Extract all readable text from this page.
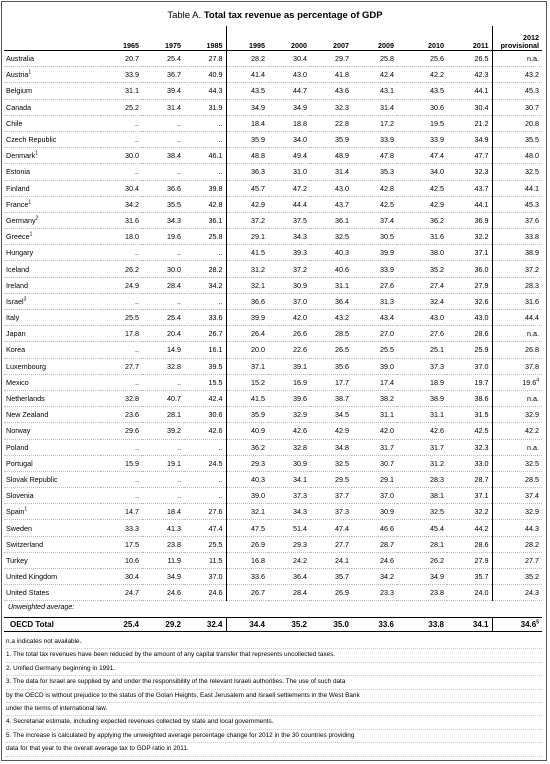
Table A. Total tax revenue as percentage of GDP
	1965	1975	1985	1995	2000	2007	2009	2010	2011	2012
provisional
Australia	20.7	25.4	27.8	28.2	30.4	29.7	25.8	25.6	26.5	n.a.
Austria$^1$	33.9	36.7	40.9	41.4	43.0	41.8	42.4	42.2	42.3	43.2
Belgium	31.1	39.4	44.3	43.5	44.7	43.6	43.1	43.5	44.1	45.3
Canada	25.2	31.4	31.9	34.9	34.9	32.3	31.4	30.6	30.4	30.7
Chile	..	..	..	18.4	18.8	22.8	17.2	19.5	21.2	20.8
Czech Republic	..	..	..	35.9	34.0	35.9	33.9	33.9	34.9	35.5
Denmark$^1$	30.0	38.4	46.1	48.8	49.4	48.9	47.8	47.4	47.7	48.0
Estonia	..	..	..	36.3	31.0	31.4	35.3	34.0	32.3	32.5
Finland	30.4	36.6	39.8	45.7	47.2	43.0	42.8	42.5	43.7	44.1
France$^1$	34.2	35.5	42.8	42.9	44.4	43.7	42.5	42.9	44.1	45.3
Germany$^2$	31.6	34.3	36.1	37.2	37.5	36.1	37.4	36.2	36.9	37.6
Greece$^1$	18.0	19.6	25.8	29.1	34.3	32.5	30.5	31.6	32.2	33.8
Hungary	..	..	..	41.5	39.3	40.3	39.9	38.0	37.1	38.9
Iceland	26.2	30.0	28.2	31.2	37.2	40.6	33.9	35.2	36.0	37.2
Ireland	24.9	28.4	34.2	32.1	30.9	31.1	27.6	27.4	27.9	28.3
Israel$^3$	..	..	..	36.6	37.0	36.4	31.3	32.4	32.6	31.6
Italy	25.5	25.4	33.6	39.9	42.0	43.2	43.4	43.0	43.0	44.4
Japan	17.8	20.4	26.7	26.4	26.6	28.5	27.0	27.6	28.6	n.a.
Korea	..	14.9	16.1	20.0	22.6	26.5	25.5	25.1	25.9	26.8
Luxembourg	27.7	32.8	39.5	37.1	39.1	35.6	39.0	37.3	37.0	37.8
Mexico	..	..	15.5	15.2	16.9	17.7	17.4	18.9	19.7	19.6$^4$
Netherlands	32.8	40.7	42.4	41.5	39.6	38.7	38.2	38.9	38.6	n.a.
New Zealand	23.6	28.1	30.6	35.9	32.9	34.5	31.1	31.1	31.5	32.9
Norway	29.6	39.2	42.6	40.9	42.6	42.9	42.0	42.6	42.5	42.2
Poland	..	..	..	36.2	32.8	34.8	31.7	31.7	32.3	n.a.
Portugal	15.9	19.1	24.5	29.3	30.9	32.5	30.7	31.2	33.0	32.5
Slovak Republic	..	..	..	40.3	34.1	29.5	29.1	28.3	28.7	28.5
Slovenia	..	..	..	39.0	37.3	37.7	37.0	38.1	37.1	37.4
Spain$^1$	14.7	18.4	27.6	32.1	34.3	37.3	30.9	32.5	32.2	32.9
Sweden	33.3	41.3	47.4	47.5	51.4	47.4	46.6	45.4	44.2	44.3
Switzerland	17.5	23.8	25.5	26.9	29.3	27.7	28.7	28.1	28.6	28.2
Turkey	10.6	11.9	11.5	16.8	24.2	24.1	24.6	26.2	27.9	27.7
United Kingdom	30.4	34.9	37.0	33.6	36.4	35.7	34.2	34.9	35.7	35.2
United States	24.7	24.6	24.6	26.7	28.4	26.9	23.3	23.8	24.0	24.3
Unweighted average:
OECD Total	25.4	29.2	32.4	34.4	35.2	35.0	33.6	33.8	34.1	34.6$^5$
n.a indicates not available.
1. The total tax revenues have been reduced by the amount of any capital transfer that represents uncollected taxes.
2. Unified Germany beginning in 1991.
3. The data for Israel are supplied by and under the responsibility of the relevant Israeli authorities. The use of such data
by the OECD is without prejudice to the status of the Golan Heights, East Jerusalem and Israeli settlements in the West Bank
under the terms of international law.
4. Secretariat estimate, including expected revenues collected by state and local governments.
5. The increase is calculated by applying the unweighted average percentage change for 2012 in the 30 countries providing
data for that year to the overall average tax to GDP ratio in 2011.
